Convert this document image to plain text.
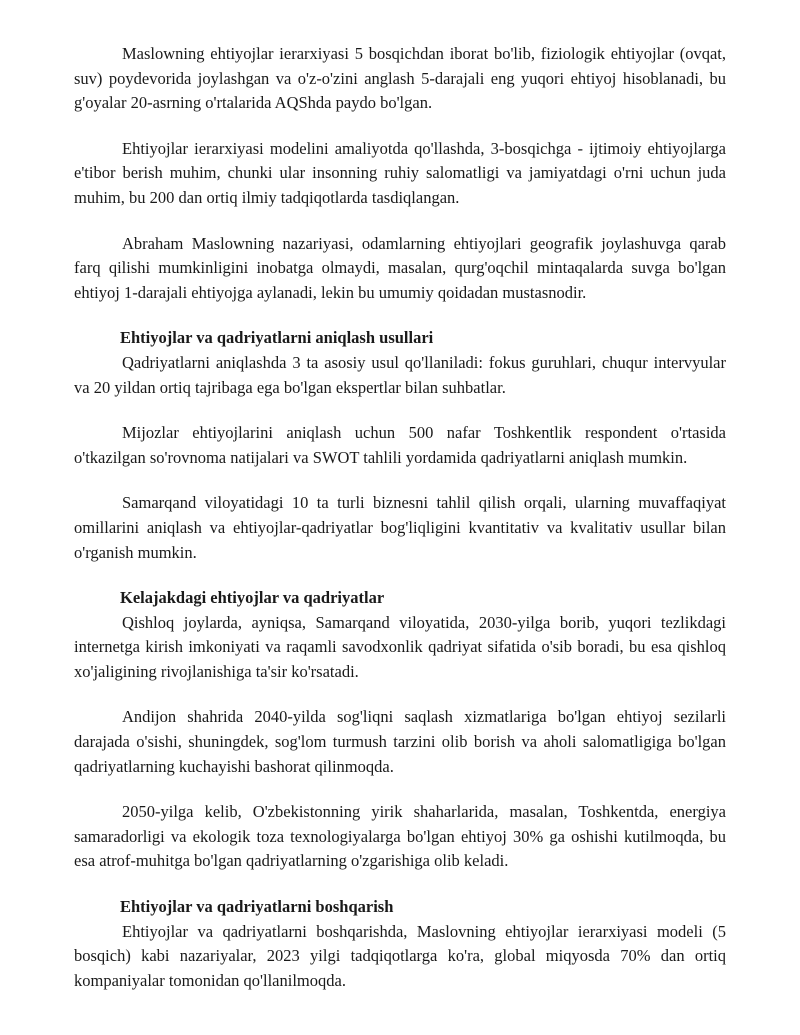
Maslowning ehtiyojlar ierarxiyasi 5 bosqichdan iborat bo'lib, fiziologik ehtiyojlar (ovqat, suv) poydevorida joylashgan va o'z-o'zini anglash 5-darajali eng yuqori ehtiyoj hisoblanadi, bu g'oyalar 20-asrning o'rtalarida AQShda paydo bo'lgan.

Ehtiyojlar ierarxiyasi modelini amaliyotda qo'llashda, 3-bosqichga - ijtimoiy ehtiyojlarga e'tibor berish muhim, chunki ular insonning ruhiy salomatligi va jamiyatdagi o'rni uchun juda muhim, bu 200 dan ortiq ilmiy tadqiqotlarda tasdiqlangan.

Abraham Maslowning nazariyasi, odamlarning ehtiyojlari geografik joylashuvga qarab farq qilishi mumkinligini inobatga olmaydi, masalan, qurg'oqchil mintaqalarda suvga bo'lgan ehtiyoj 1-darajali ehtiyojga aylanadi, lekin bu umumiy qoidadan mustasnodir.

Ehtiyojlar va qadriyatlarni aniqlash usullari

Qadriyatlarni aniqlashda 3 ta asosiy usul qo'llaniladi: fokus guruhlari, chuqur intervyular va 20 yildan ortiq tajribaga ega bo'lgan ekspertlar bilan suhbatlar.

Mijozlar ehtiyojlarini aniqlash uchun 500 nafar Toshkentlik respondent o'rtasida o'tkazilgan so'rovnoma natijalari va SWOT tahlili yordamida qadriyatlarni aniqlash mumkin.

Samarqand viloyatidagi 10 ta turli biznesni tahlil qilish orqali, ularning muvaffaqiyat omillarini aniqlash va ehtiyojlar-qadriyatlar bog'liqligini kvantitativ va kvalitativ usullar bilan o'rganish mumkin.

Kelajakdagi ehtiyojlar va qadriyatlar

Qishloq joylarda, ayniqsa, Samarqand viloyatida, 2030-yilga borib, yuqori tezlikdagi internetga kirish imkoniyati va raqamli savodxonlik qadriyat sifatida o'sib boradi, bu esa qishloq xo'jaligining rivojlanishiga ta'sir ko'rsatadi.

Andijon shahrida 2040-yilda sog'liqni saqlash xizmatlariga bo'lgan ehtiyoj sezilarli darajada o'sishi, shuningdek, sog'lom turmush tarzini olib borish va aholi salomatligiga bo'lgan qadriyatlarning kuchayishi bashorat qilinmoqda.

2050-yilga kelib, O'zbekistonning yirik shaharlarida, masalan, Toshkentda, energiya samaradorligi va ekologik toza texnologiyalarga bo'lgan ehtiyoj 30% ga oshishi kutilmoqda, bu esa atrof-muhitga bo'lgan qadriyatlarning o'zgarishiga olib keladi.

Ehtiyojlar va qadriyatlarni boshqarish

Ehtiyojlar va qadriyatlarni boshqarishda, Maslovning ehtiyojlar ierarxiyasi modeli (5 bosqich) kabi nazariyalar, 2023 yilgi tadqiqotlarga ko'ra, global miqyosda 70% dan ortiq kompaniyalar tomonidan qo'llanilmoqda.
